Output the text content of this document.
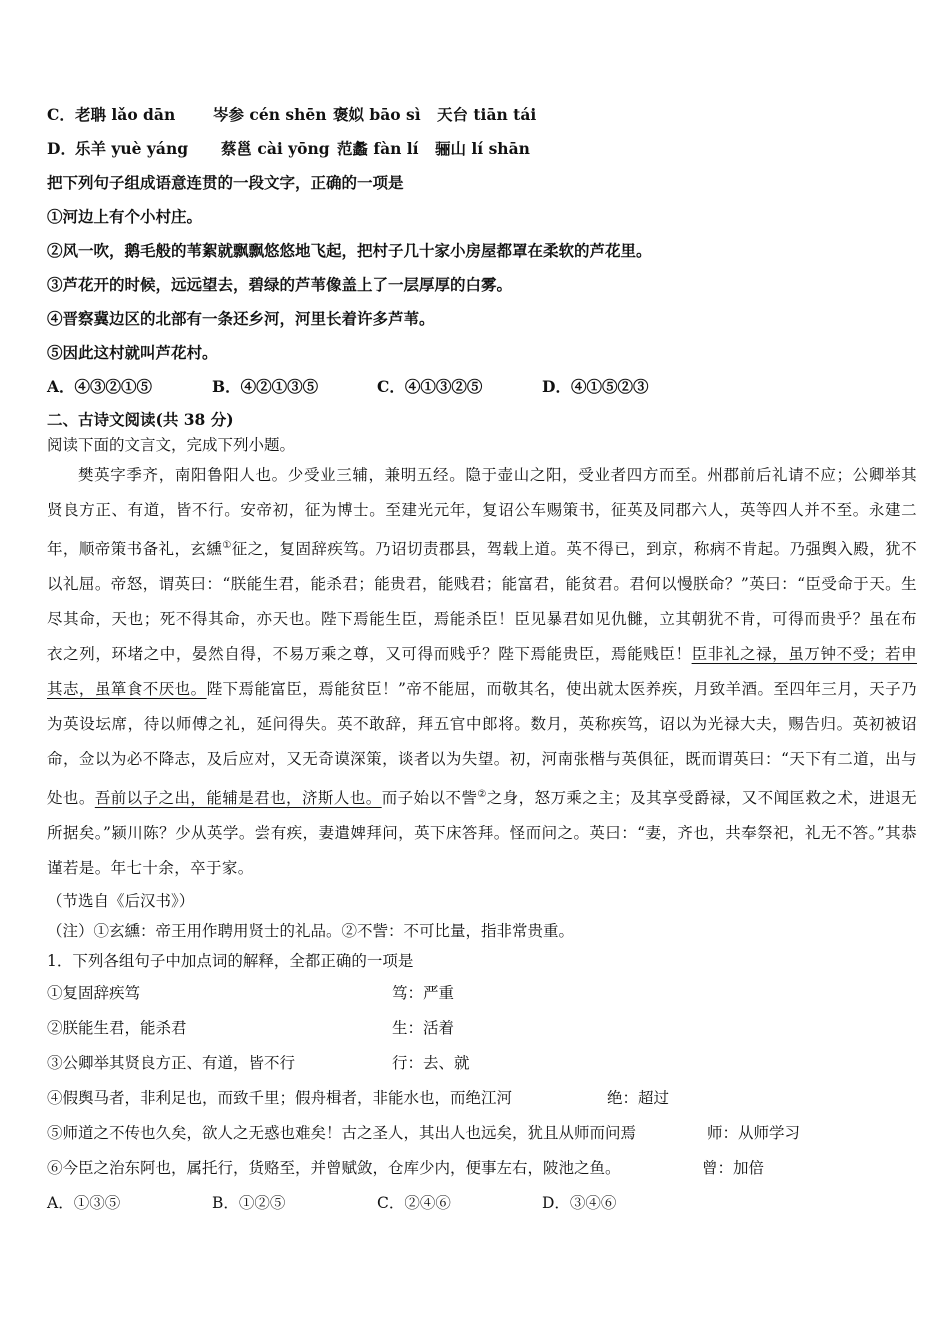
C． 老聃 lǎo dān	岑参 cén shēn 褒姒 bāo sì	天台 tiān tái
D． 乐羊 yuè yáng	蔡邕 cài yōng 范蠡 fàn lí	骊山 lí shān
把下列句子组成语意连贯的一段文字，正确的一项是
①河边上有个小村庄。
②风一吹，鹅毛般的苇絮就飘飘悠悠地飞起，把村子几十家小房屋都罩在柔软的芦花里。
③芦花开的时候，远远望去，碧绿的芦苇像盖上了一层厚厚的白雾。
④晋察冀边区的北部有一条还乡河，河里长着许多芦苇。
⑤因此这村就叫芦花村。
A．④③②①⑤	B．④②①③⑤	C．④①③②⑤	D．④①⑤②③
二、古诗文阅读(共 38 分)
阅读下面的文言文，完成下列小题。
樊英字季齐，南阳鲁阳人也。少受业三辅，兼明五经。隐于壶山之阳，受业者四方而至。州郡前后礼请不应；公卿举其贤良方正、有道，皆不行。安帝初，征为博士。至建光元年，复诏公车赐策书，征英及同郡六人，英等四人并不至。永建二年，顺帝策书备礼，玄纁①征之，复固辞疾笃。乃诏切责郡县，驾载上道。英不得已，到京，称病不肯起。乃强舆入殿，犹不以礼屈。帝怒，谓英曰：“朕能生君，能杀君；能贵君，能贱君；能富君，能贫君。君何以慢朕命？”英曰：“臣受命于天。生尽其命，天也；死不得其命，亦天也。陛下焉能生臣，焉能杀臣！臣见暴君如见仇雠，立其朝犹不肯，可得而贵乎？虽在布衣之列，环堵之中，晏然自得，不易万乘之尊，又可得而贱乎？陛下焉能贵臣，焉能贱臣！臣非礼之禄，虽万钟不受；若申其志，虽箪食不厌也。陛下焉能富臣，焉能贫臣！”帝不能屈，而敬其名，使出就太医养疾，月致羊酒。至四年三月，天子乃为英设坛席，待以师傅之礼，延问得失。英不敢辞，拜五官中郎将。数月，英称疾笃，诏以为光禄大夫，赐告归。英初被诏命，佥以为必不降志，及后应对，又无奇谟深策，谈者以为失望。初，河南张楷与英俱征，既而谓英曰：“天下有二道，出与处也。吾前以子之出，能辅是君也，济斯人也。而子始以不訾②之身，怒万乘之主；及其享受爵禄，又不闻匡救之术，进退无所据矣。”颍川陈？少从英学。尝有疾，妻遣婢拜问，英下床答拜。怪而问之。英曰：“妻，齐也，共奉祭祀，礼无不答。”其恭谨若是。年七十余，卒于家。
（节选自《后汉书》）
（注）①玄纁：帝王用作聘用贤士的礼品。②不訾：不可比量，指非常贵重。
1．下列各组句子中加点词的解释，全都正确的一项是
①复固辞疾笃	笃：严重
②朕能生君，能杀君	生：活着
③公卿举其贤良方正、有道，皆不行	行：去、就
④假舆马者，非利足也，而致千里；假舟楫者，非能水也，而绝江河	绝：超过
⑤师道之不传也久矣，欲人之无惑也难矣！古之圣人，其出人也远矣，犹且从师而问焉	师：从师学习
⑥今臣之治东阿也，属托行，货赂至，并曾赋敛，仓库少内，便事左右，陂池之鱼。	曾：加倍
A．①③⑤	B．①②⑤	C．②④⑥	D．③④⑥
